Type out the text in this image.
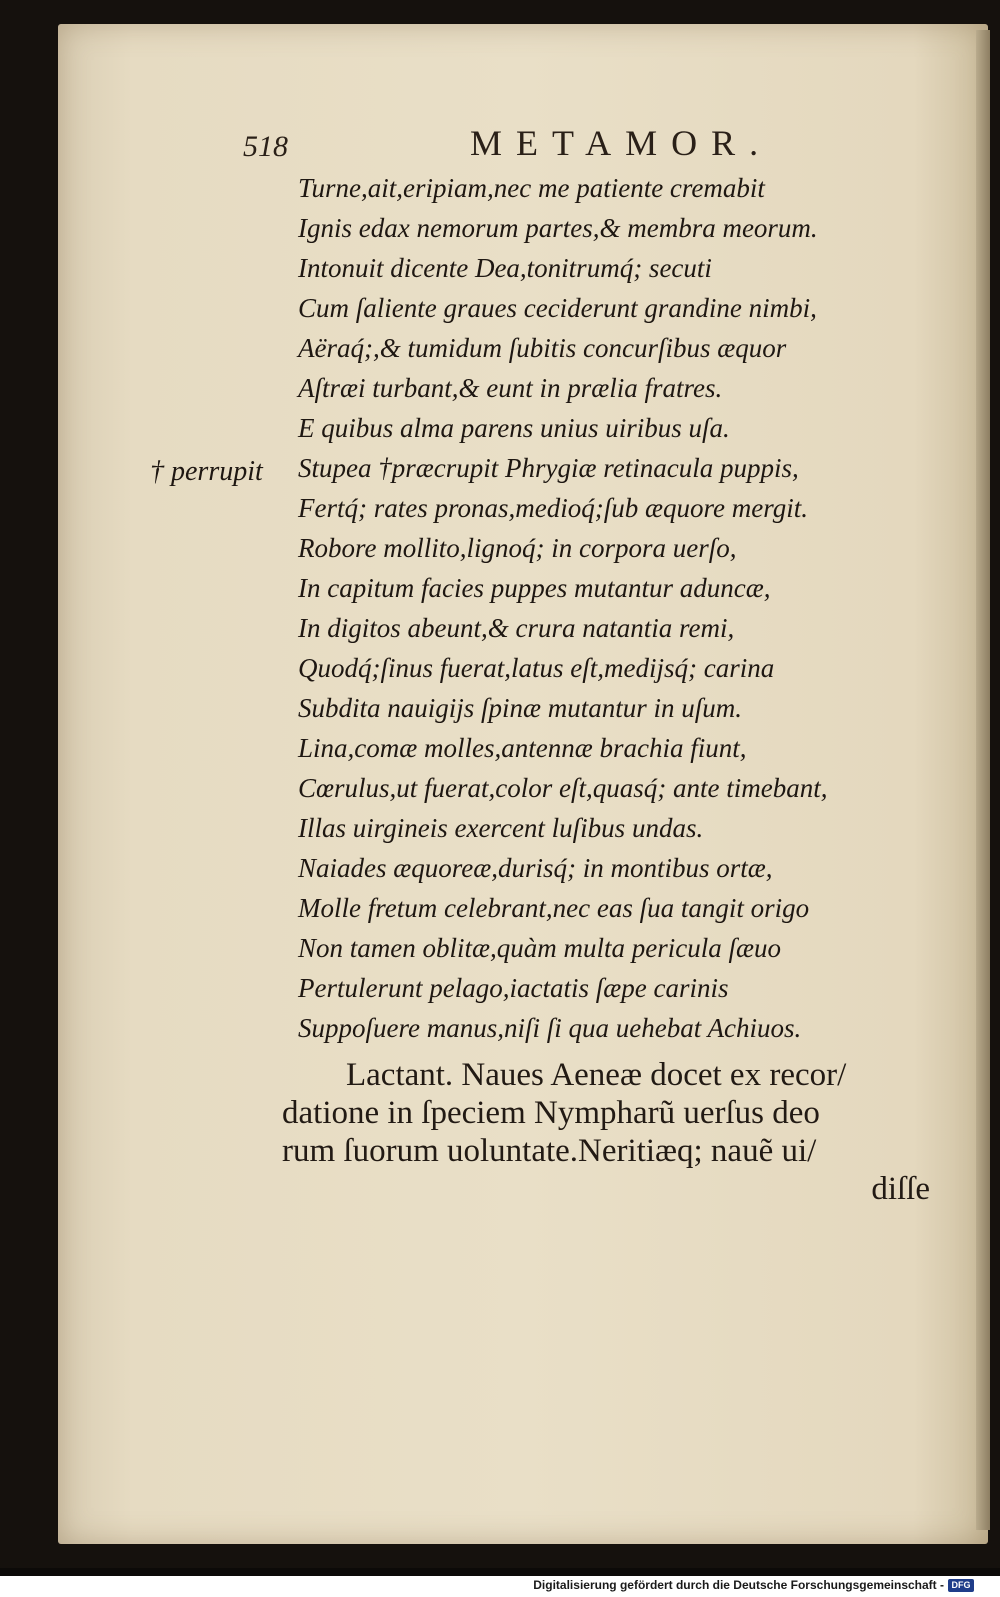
518	METAMOR.
† perrupit
Turne,ait,eripiam,nec me patiente cremabit
Ignis edax nemorum partes,& membra meorum.
Intonuit dicente Dea,tonitrumq́; secuti
Cum ſaliente graues ceciderunt grandine nimbi,
Aëraq́;,& tumidum ſubitis concurſibus æquor
Aſtræi turbant,& eunt in prælia fratres.
E quibus alma parens unius uiribus uſa.
Stupea †præcrupit Phrygiæ retinacula puppis,
Fertq́; rates pronas,medioq́;ſub æquore mergit.
Robore mollito,lignoq́; in corpora uerſo,
In capitum facies puppes mutantur aduncæ,
In digitos abeunt,& crura natantia remi,
Quodq́;ſinus fuerat,latus eſt,medijsq́; carina
Subdita nauigijs ſpinæ mutantur in uſum.
Lina,comæ molles,antennæ brachia fiunt,
Cœrulus,ut fuerat,color eſt,quasq́; ante timebant,
Illas uirgineis exercent luſibus undas.
Naiades æquoreæ,durisq́; in montibus ortæ,
Molle fretum celebrant,nec eas ſua tangit origo
Non tamen oblitæ,quàm multa pericula ſæuo
Pertulerunt pelago,iactatis ſæpe carinis
Suppoſuere manus,niſi ſi qua uehebat Achiuos.
Lactant. Naues Aeneæ docet ex recor/
datione in ſpeciem Nympharũ uerſus deo
rum ſuorum uoluntate.Neritiæq; nauẽ ui/
diſſe
Digitalisierung gefördert durch die Deutsche Forschungsgemeinschaft - DFG
